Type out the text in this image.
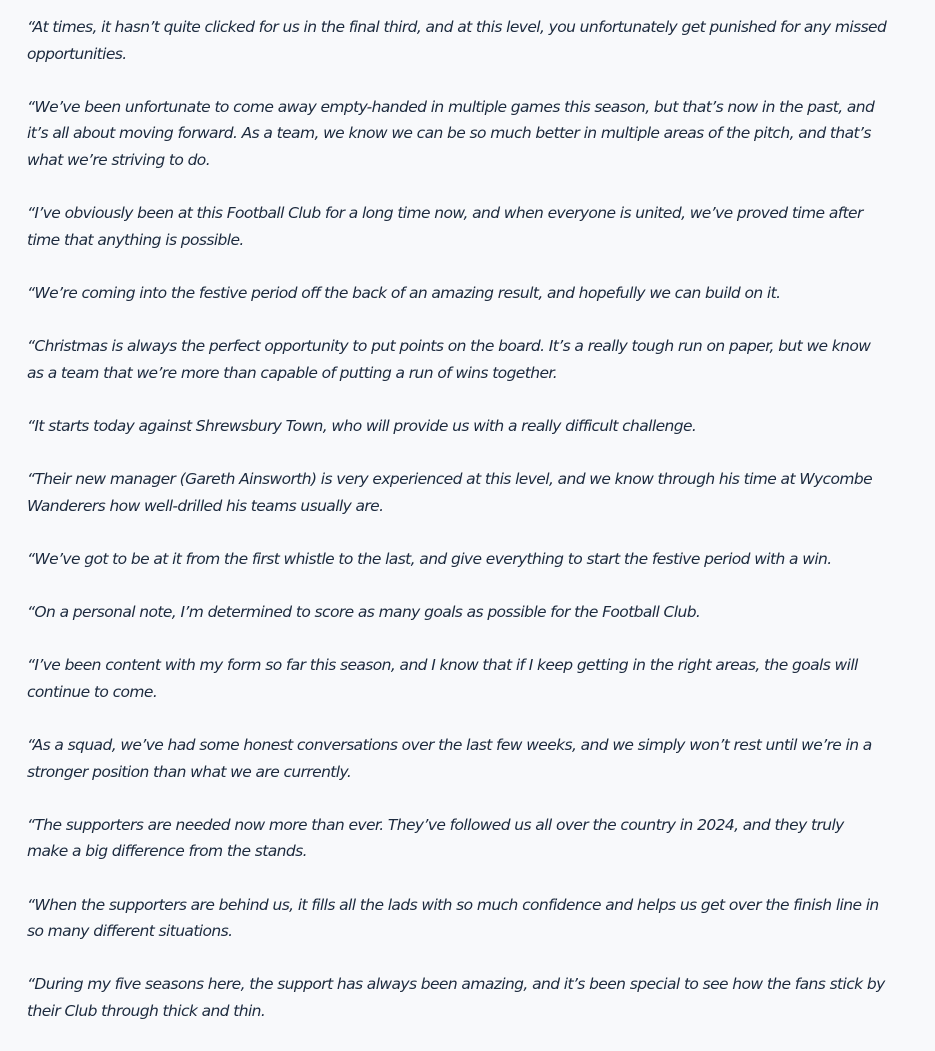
“At times, it hasn’t quite clicked for us in the final third, and at this level, you unfortunately get punished for any missed opportunities.

“We’ve been unfortunate to come away empty-handed in multiple games this season, but that’s now in the past, and it’s all about moving forward. As a team, we know we can be so much better in multiple areas of the pitch, and that’s what we’re striving to do.

“I’ve obviously been at this Football Club for a long time now, and when everyone is united, we’ve proved time after time that anything is possible.

“We’re coming into the festive period off the back of an amazing result, and hopefully we can build on it.

“Christmas is always the perfect opportunity to put points on the board. It’s a really tough run on paper, but we know as a team that we’re more than capable of putting a run of wins together.

“It starts today against Shrewsbury Town, who will provide us with a really difficult challenge.

“Their new manager (Gareth Ainsworth) is very experienced at this level, and we know through his time at Wycombe Wanderers how well-drilled his teams usually are.

“We’ve got to be at it from the first whistle to the last, and give everything to start the festive period with a win.

“On a personal note, I’m determined to score as many goals as possible for the Football Club.

“I’ve been content with my form so far this season, and I know that if I keep getting in the right areas, the goals will continue to come.

“As a squad, we’ve had some honest conversations over the last few weeks, and we simply won’t rest until we’re in a stronger position than what we are currently.

“The supporters are needed now more than ever. They’ve followed us all over the country in 2024, and they truly make a big difference from the stands.

“When the supporters are behind us, it fills all the lads with so much confidence and helps us get over the finish line in so many different situations.

“During my five seasons here, the support has always been amazing, and it’s been special to see how the fans stick by their Club through thick and thin.
